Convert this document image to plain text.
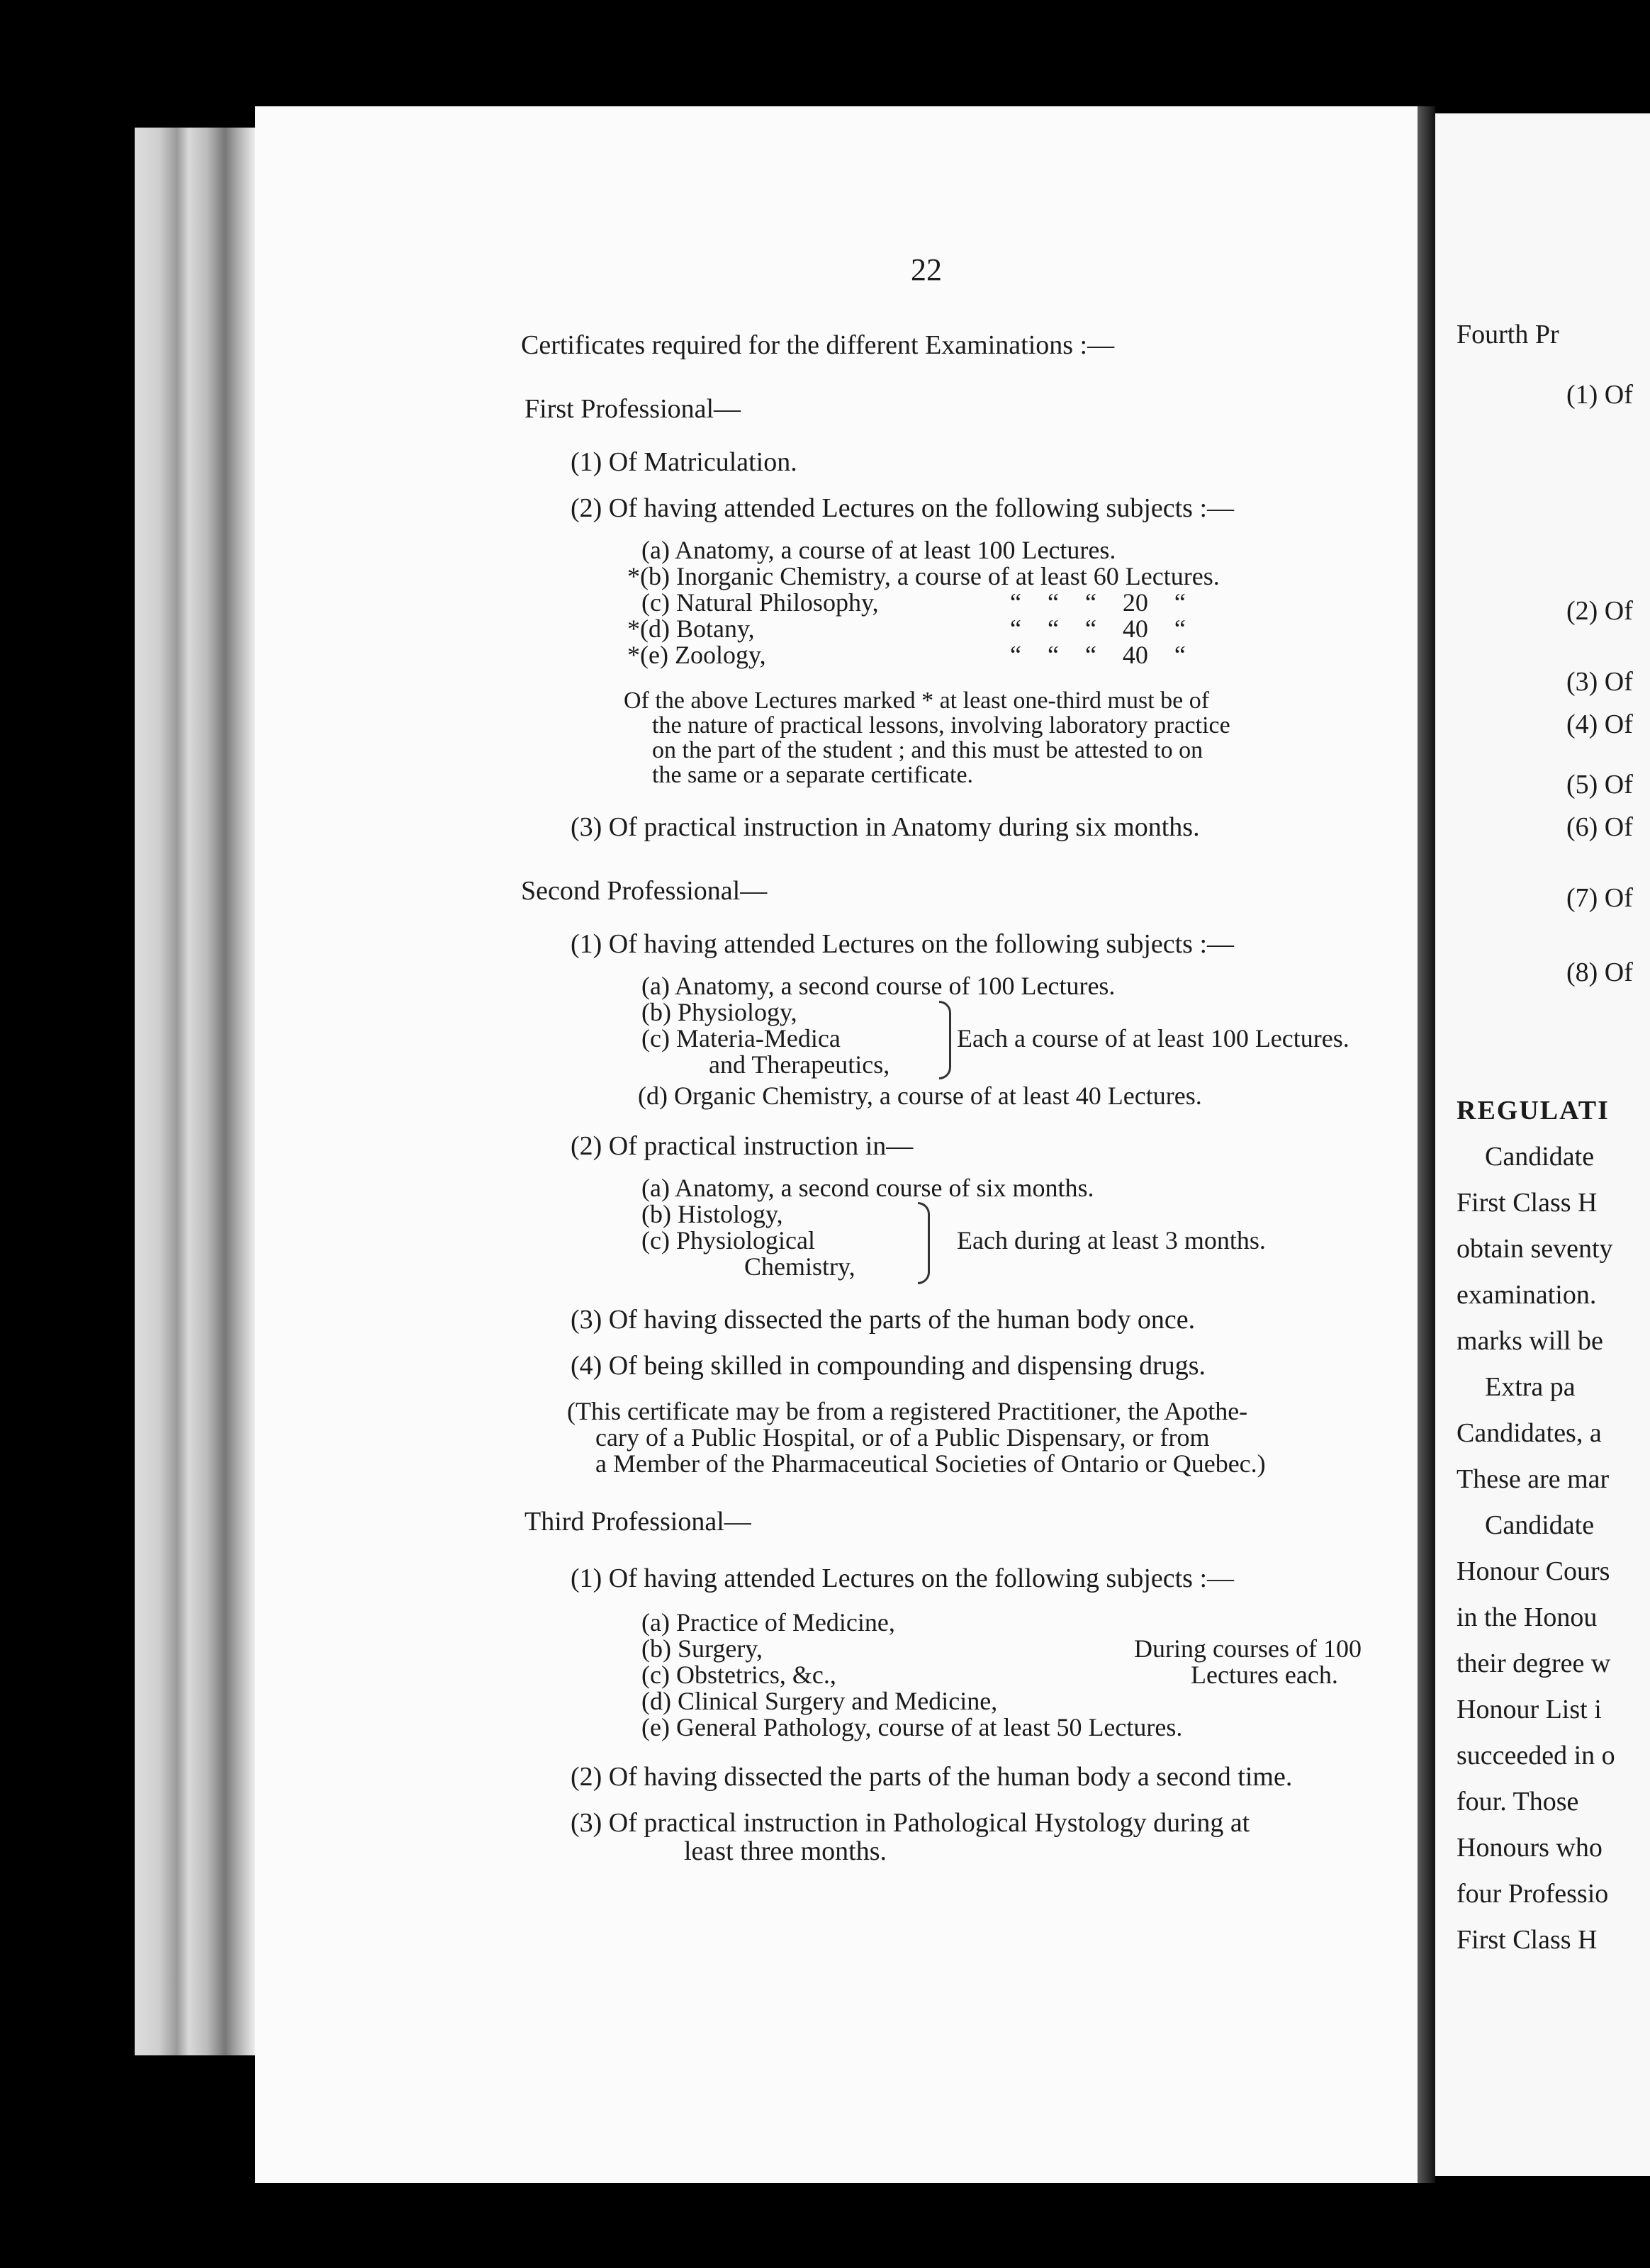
22
Certificates required for the different Examinations :—
First Professional—
(1) Of Matriculation.
(2) Of having attended Lectures on the following subjects :—
(a) Anatomy, a course of at least 100 Lectures.
*(b) Inorganic Chemistry, a course of at least 60 Lectures.
(c) Natural Philosophy,	“ “ “ 20 “
*(d) Botany,	“ “ “ 40 “
*(e) Zoology,	“ “ “ 40 “
Of the above Lectures marked * at least one-third must be of
the nature of practical lessons, involving laboratory practice
on the part of the student ; and this must be attested to on
the same or a separate certificate.
(3) Of practical instruction in Anatomy during six months.
Second Professional—
(1) Of having attended Lectures on the following subjects :—
(a) Anatomy, a second course of 100 Lectures.
(b) Physiology,
(c) Materia-Medica
and Therapeutics,
Each a course of at least 100 Lectures.
(d) Organic Chemistry, a course of at least 40 Lectures.
(2) Of practical instruction in—
(a) Anatomy, a second course of six months.
(b) Histology,
(c) Physiological
Chemistry,
Each during at least 3 months.
(3) Of having dissected the parts of the human body once.
(4) Of being skilled in compounding and dispensing drugs.
(This certificate may be from a registered Practitioner, the Apothe-
cary of a Public Hospital, or of a Public Dispensary, or from
a Member of the Pharmaceutical Societies of Ontario or Quebec.)
Third Professional—
(1) Of having attended Lectures on the following subjects :—
(a) Practice of Medicine,
(b) Surgery,	During courses of 100
(c) Obstetrics, &c.,	Lectures each.
(d) Clinical Surgery and Medicine,
(e) General Pathology, course of at least 50 Lectures.
(2) Of having dissected the parts of the human body a second time.
(3) Of practical instruction in Pathological Hystology during at
least three months.
Fourth Pr
(1) Of
(2) Of
(3) Of
(4) Of
(5) Of
(6) Of
(7) Of
(8) Of
REGULATI
Candidate
First Class H
obtain seventy
examination.
marks will be
Extra pa
Candidates, a
These are mar
Candidate
Honour Cours
in the Honou
their degree w
Honour List i
succeeded in o
four. Those
Honours who
four Professio
First Class H
